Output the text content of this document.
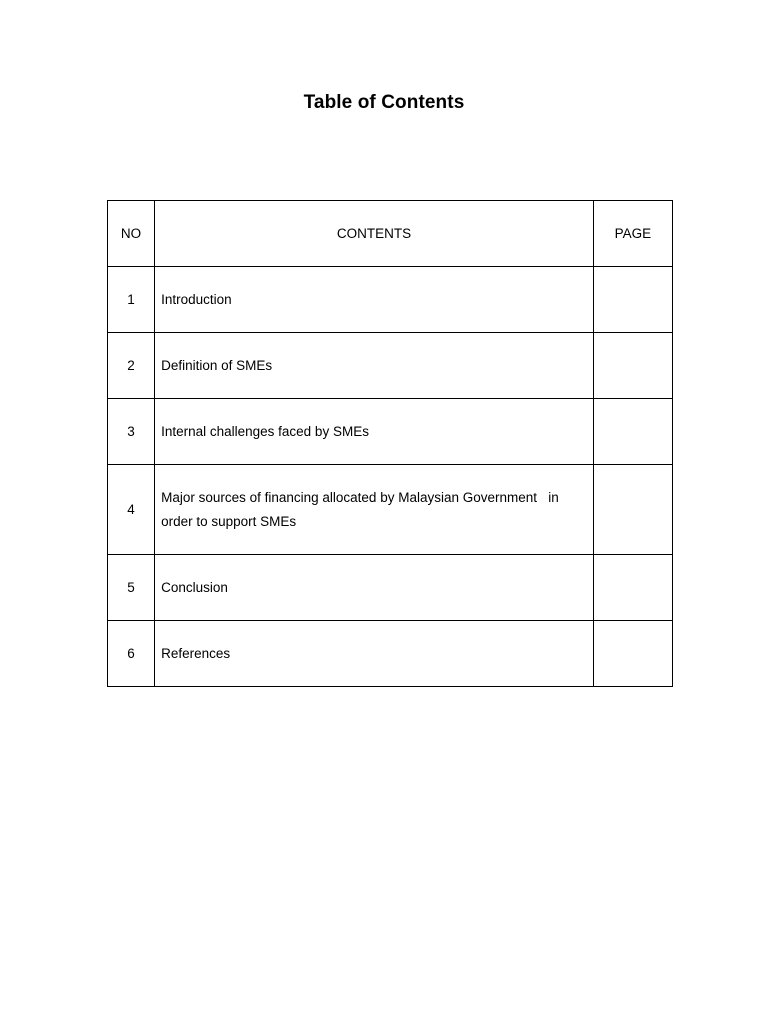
Table of Contents
NO	CONTENTS	PAGE
1	Introduction	
2	Definition of SMEs	
3	Internal challenges faced by SMEs	
4	Major sources of financing allocated by Malaysian Government   in order to support SMEs	
5	Conclusion	
6	References	
